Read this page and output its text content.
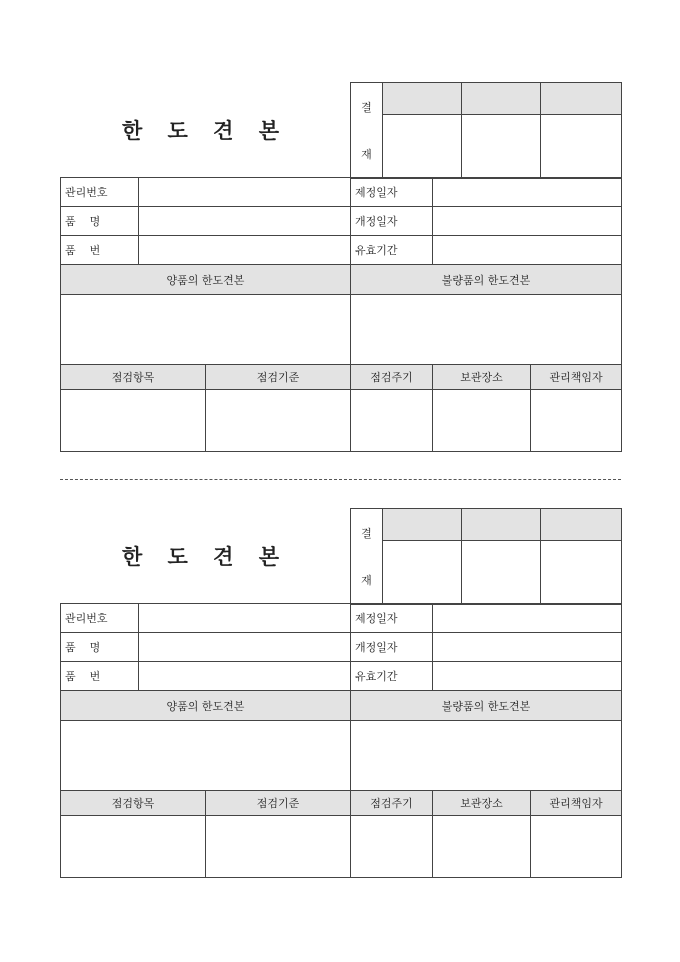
한 도 견 본
결
재			

관리번호			제정일자		
품    명			개정일자		
품    번			유효기간		
양품의 한도견본			불량품의 한도견본		

점검항목		점검기준	점검주기	보관장소	관리책임자

한 도 견 본
결
재			

관리번호			제정일자		
품    명			개정일자		
품    번			유효기간		
양품의 한도견본			불량품의 한도견본		

점검항목		점검기준	점검주기	보관장소	관리책임자
